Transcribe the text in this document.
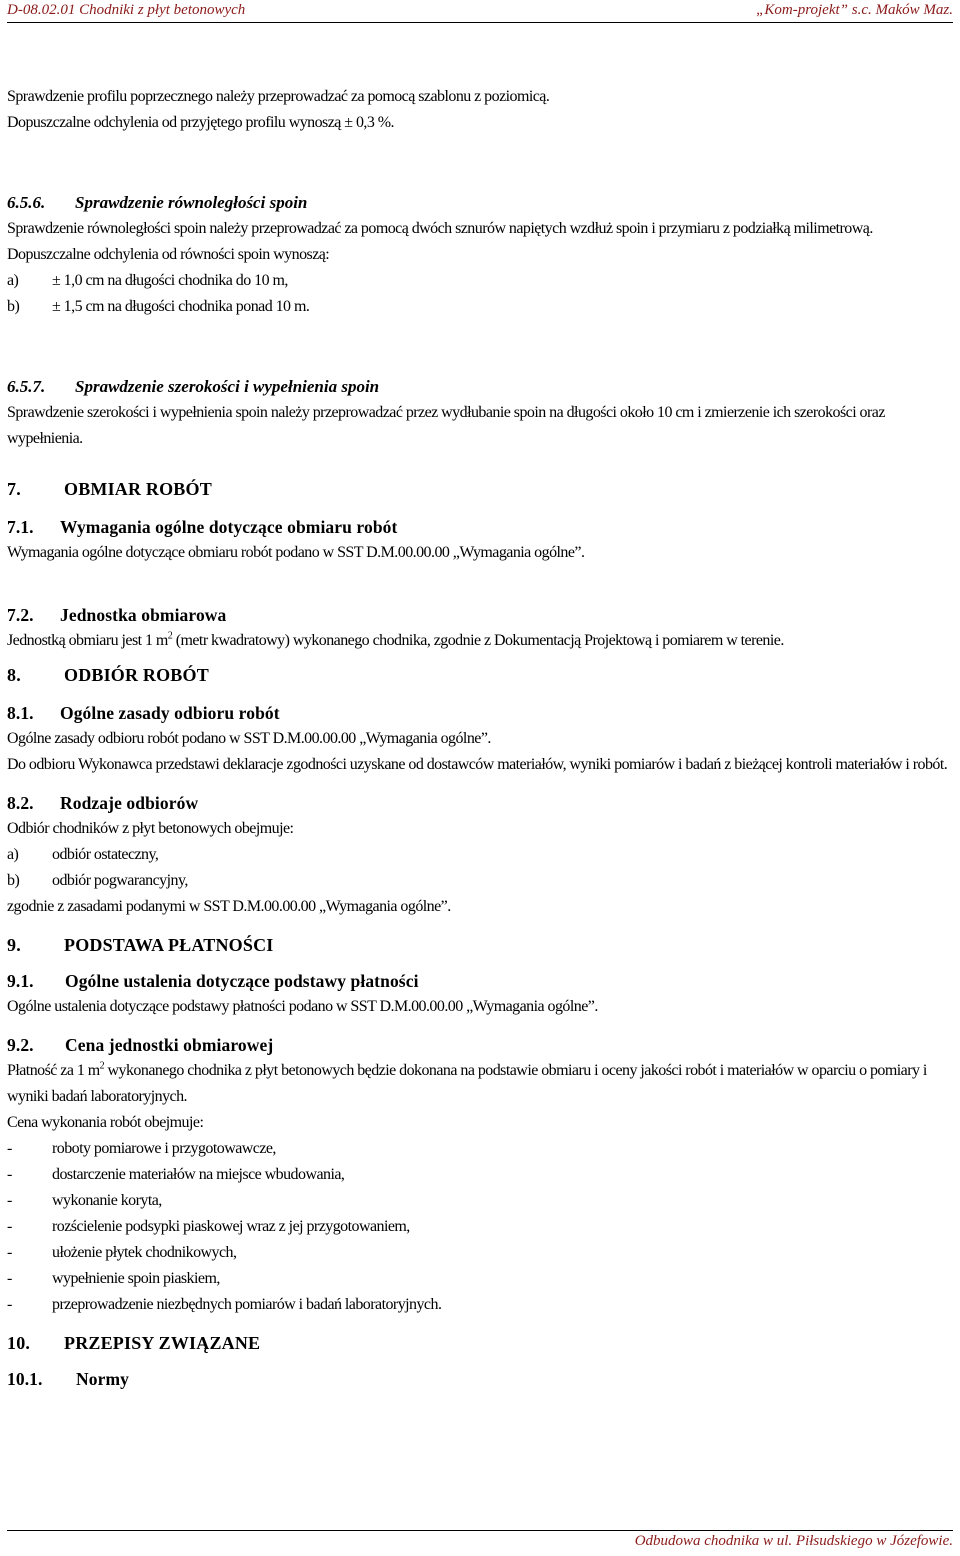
D-08.02.01 Chodniki z płyt betonowych	„Kom-projekt” s.c. Maków Maz.

Sprawdzenie profilu poprzecznego należy przeprowadzać za pomocą szablonu z poziomicą.

Dopuszczalne odchylenia od przyjętego profilu wynoszą ± 0,3 %.

6.5.6. Sprawdzenie równoległości spoin

Sprawdzenie równoległości spoin należy przeprowadzać za pomocą dwóch sznurów napiętych wzdłuż spoin i przymiaru z podziałką milimetrową.

Dopuszczalne odchylenia od równości spoin wynoszą:

a) ± 1,0 cm na długości chodnika do 10 m,
b) ± 1,5 cm na długości chodnika ponad 10 m.
6.5.7. Sprawdzenie szerokości i wypełnienia spoin

Sprawdzenie szerokości i wypełnienia spoin należy przeprowadzać przez wydłubanie spoin na długości około 10 cm i zmierzenie ich szerokości oraz wypełnienia.

7. OBMIAR ROBÓT
7.1. Wymagania ogólne dotyczące obmiaru robót

Wymagania ogólne dotyczące obmiaru robót podano w SST D.M.00.00.00 „Wymagania ogólne”.

7.2. Jednostka obmiarowa

Jednostką obmiaru jest 1 $m^2$ (metr kwadratowy) wykonanego chodnika, zgodnie z Dokumentacją Projektową i pomiarem w terenie.

8. ODBIÓR ROBÓT
8.1. Ogólne zasady odbioru robót

Ogólne zasady odbioru robót podano w SST D.M.00.00.00 „Wymagania ogólne”.

Do odbioru Wykonawca przedstawi deklaracje zgodności uzyskane od dostawców materiałów, wyniki pomiarów i badań z bieżącej kontroli materiałów i robót.

8.2. Rodzaje odbiorów

Odbiór chodników z płyt betonowych obejmuje:

a) odbiór ostateczny,
b) odbiór pogwarancyjny,

zgodnie z zasadami podanymi w SST D.M.00.00.00 „Wymagania ogólne”.

9. PODSTAWA PŁATNOŚCI
9.1. Ogólne ustalenia dotyczące podstawy płatności

Ogólne ustalenia dotyczące podstawy płatności podano w SST D.M.00.00.00 „Wymagania ogólne”.

9.2. Cena jednostki obmiarowej

Płatność za 1 $m^2$ wykonanego chodnika z płyt betonowych będzie dokonana na podstawie obmiaru i oceny jakości robót i materiałów w oparciu o pomiary i wyniki badań laboratoryjnych.

Cena wykonania robót obejmuje:

-	roboty pomiarowe i przygotowawcze,
-	dostarczenie materiałów na miejsce wbudowania,
-	wykonanie koryta,
-	rozścielenie podsypki piaskowej wraz z jej przygotowaniem,
-	ułożenie płytek chodnikowych,
-	wypełnienie spoin piaskiem,
-	przeprowadzenie niezbędnych pomiarów i badań laboratoryjnych.
10. PRZEPISY ZWIĄZANE
10.1. Normy
Odbudowa chodnika w ul. Piłsudskiego w Józefowie.
